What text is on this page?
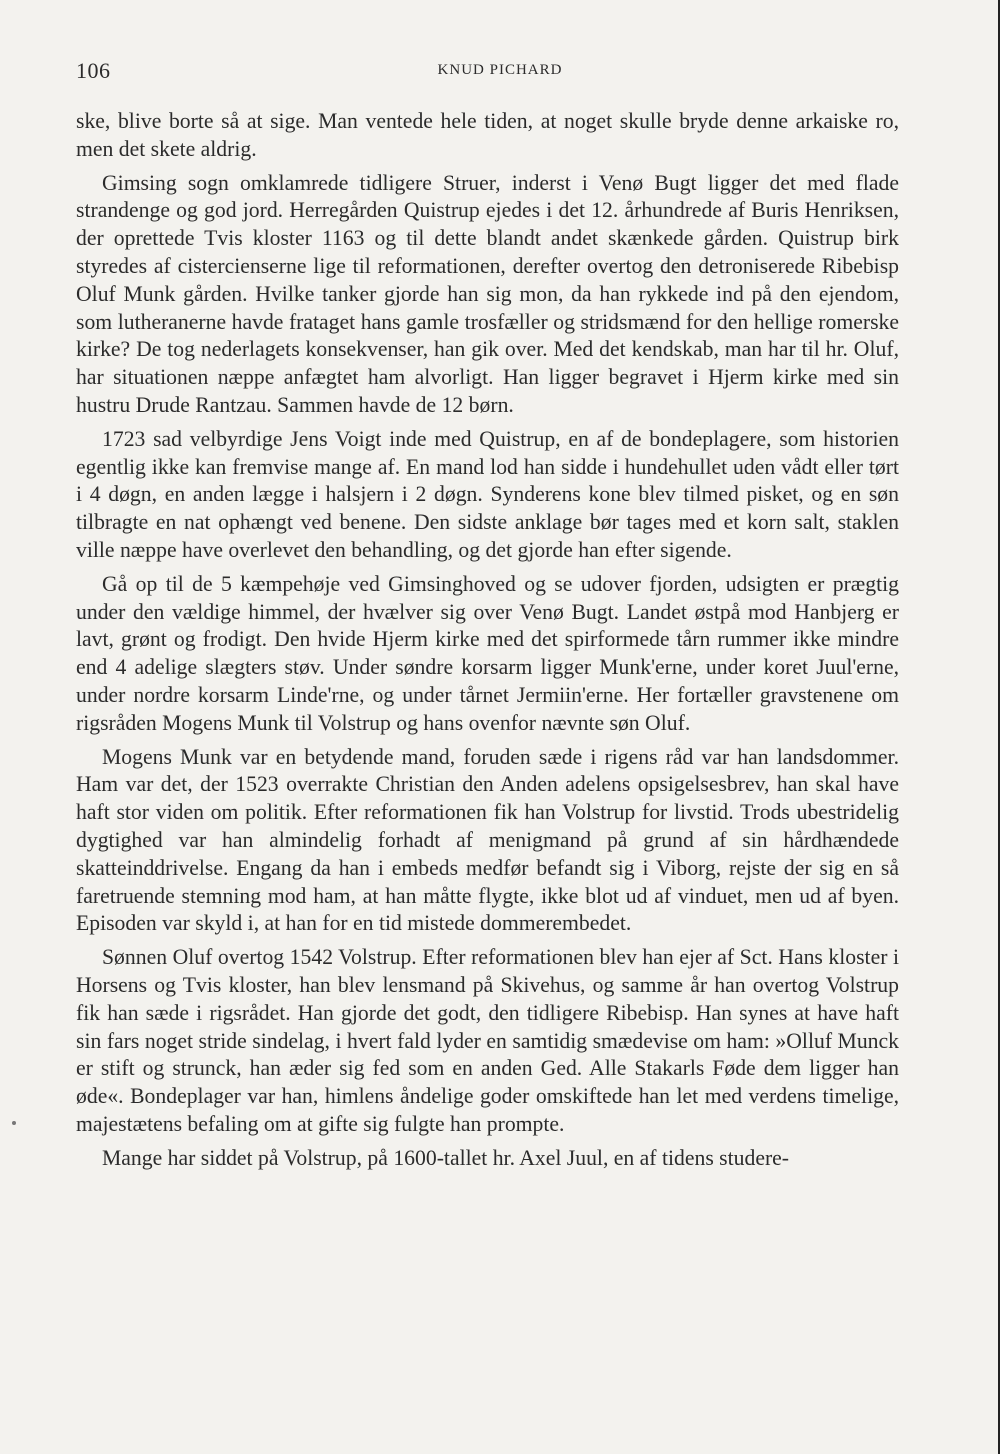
106	KNUD PICHARD

ske, blive borte så at sige. Man ventede hele tiden, at noget skulle bryde denne arkaiske ro, men det skete aldrig.

Gimsing sogn omklamrede tidligere Struer, inderst i Venø Bugt ligger det med flade strandenge og god jord. Herregården Quistrup ejedes i det 12. århundrede af Buris Henriksen, der oprettede Tvis kloster 1163 og til dette blandt andet skænkede gården. Quistrup birk styredes af cistercienserne lige til reformationen, derefter overtog den detroniserede Ribebisp Oluf Munk gården. Hvilke tanker gjorde han sig mon, da han rykkede ind på den ejendom, som lutheranerne havde frataget hans gamle trosfæller og stridsmænd for den hellige romerske kirke? De tog nederlagets konsekvenser, han gik over. Med det kendskab, man har til hr. Oluf, har situationen næppe anfægtet ham alvorligt. Han ligger begravet i Hjerm kirke med sin hustru Drude Rantzau. Sammen havde de 12 børn.

1723 sad velbyrdige Jens Voigt inde med Quistrup, en af de bondeplagere, som historien egentlig ikke kan fremvise mange af. En mand lod han sidde i hundehullet uden vådt eller tørt i 4 døgn, en anden lægge i halsjern i 2 døgn. Synderens kone blev tilmed pisket, og en søn tilbragte en nat ophængt ved benene. Den sidste anklage bør tages med et korn salt, staklen ville næppe have overlevet den behandling, og det gjorde han efter sigende.

Gå op til de 5 kæmpehøje ved Gimsinghoved og se udover fjorden, udsigten er prægtig under den vældige himmel, der hvælver sig over Venø Bugt. Landet østpå mod Hanbjerg er lavt, grønt og frodigt. Den hvide Hjerm kirke med det spirformede tårn rummer ikke mindre end 4 adelige slægters støv. Under søndre korsarm ligger Munk'erne, under koret Juul'erne, under nordre korsarm Linde'rne, og under tårnet Jermiin'erne. Her fortæller gravstenene om rigsråden Mogens Munk til Volstrup og hans ovenfor nævnte søn Oluf.

Mogens Munk var en betydende mand, foruden sæde i rigens råd var han landsdommer. Ham var det, der 1523 overrakte Christian den Anden adelens opsigelsesbrev, han skal have haft stor viden om politik. Efter reformationen fik han Volstrup for livstid. Trods ubestridelig dygtighed var han almindelig forhadt af menigmand på grund af sin hårdhændede skatteinddrivelse. Engang da han i embeds medfør befandt sig i Viborg, rejste der sig en så faretruende stemning mod ham, at han måtte flygte, ikke blot ud af vinduet, men ud af byen. Episoden var skyld i, at han for en tid mistede dommerembedet.

Sønnen Oluf overtog 1542 Volstrup. Efter reformationen blev han ejer af Sct. Hans kloster i Horsens og Tvis kloster, han blev lensmand på Skivehus, og samme år han overtog Volstrup fik han sæde i rigsrådet. Han gjorde det godt, den tidligere Ribebisp. Han synes at have haft sin fars noget stride sindelag, i hvert fald lyder en samtidig smædevise om ham: »Olluf Munck er stift og strunck, han æder sig fed som en anden Ged. Alle Stakarls Føde dem ligger han øde«. Bondeplager var han, himlens åndelige goder omskiftede han let med verdens timelige, majestætens befaling om at gifte sig fulgte han prompte.

Mange har siddet på Volstrup, på 1600-tallet hr. Axel Juul, en af tidens studere-
